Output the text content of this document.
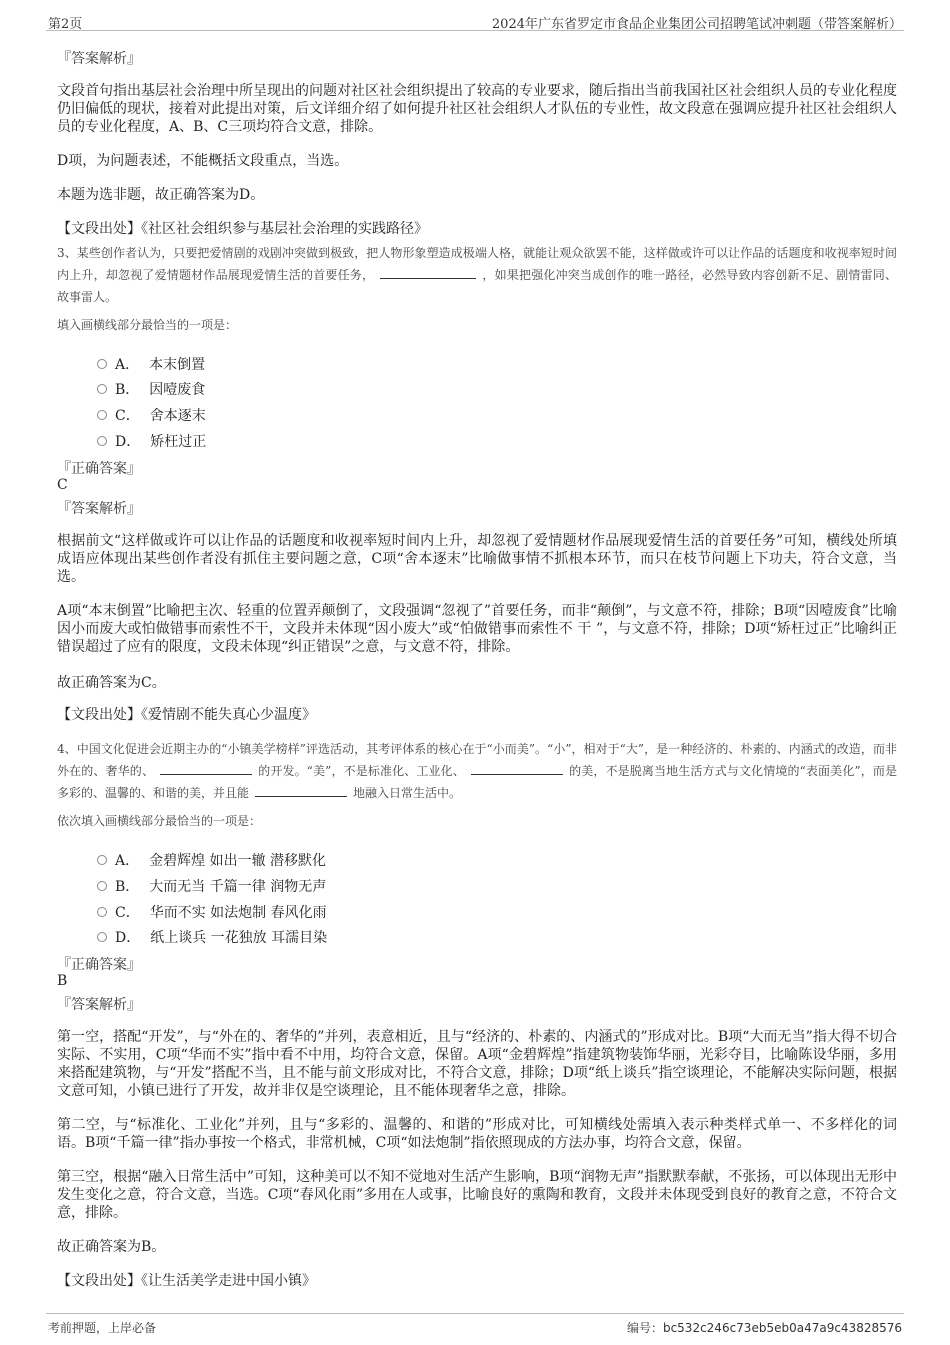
第2页	2024年广东省罗定市食品企业集团公司招聘笔试冲刺题（带答案解析）
『答案解析』
文段首句指出基层社会治理中所呈现出的问题对社区社会组织提出了较高的专业要求，随后指出当前我国社区社会组织人员的专业化程度仍旧偏低的现状，接着对此提出对策，后文详细介绍了如何提升社区社会组织人才队伍的专业性，故文段意在强调应提升社区社会组织人员的专业化程度，A、B、C三项均符合文意，排除。
D项，为问题表述，不能概括文段重点，当选。
本题为选非题，故正确答案为D。
【文段出处】《社区社会组织参与基层社会治理的实践路径》
3、某些创作者认为，只要把爱情剧的戏剧冲突做到极致，把人物形象塑造成极端人格，就能让观众欲罢不能，这样做或许可以让作品的话题度和收视率短时间内上升，却忽视了爱情题材作品展现爱情生活的首要任务，	，如果把强化冲突当成创作的唯一路径，必然导致内容创新不足、剧情雷同、故事雷人。
填入画横线部分最恰当的一项是：
A． 本末倒置
B． 因噎废食
C． 舍本逐末
D． 矫枉过正
『正确答案』
C
『答案解析』
根据前文“这样做或许可以让作品的话题度和收视率短时间内上升，却忽视了爱情题材作品展现爱情生活的首要任务”可知，横线处所填成语应体现出某些创作者没有抓住主要问题之意，C项“舍本逐末”比喻做事情不抓根本环节，而只在枝节问题上下功夫，符合文意，当选。
A项“本末倒置”比喻把主次、轻重的位置弄颠倒了，文段强调“忽视了”首要任务，而非“颠倒”，与文意不符，排除；B项“因噎废食”比喻因小而废大或怕做错事而索性不干，文段并未体现“因小废大”或“怕做错事而索性不 干 ”，与文意不符，排除；D项“矫枉过正”比喻纠正错误超过了应有的限度，文段未体现“纠正错误”之意，与文意不符，排除。
故正确答案为C。
【文段出处】《爱情剧不能失真心少温度》
4、中国文化促进会近期主办的“小镇美学榜样”评选活动，其考评体系的核心在于“小而美”。“小”，相对于“大”，是一种经济的、朴素的、内涵式的改造，而非外在的、奢华的、	的开发。“美”，不是标准化、工业化、	的美，不是脱离当地生活方式与文化情境的“表面美化”，而是多彩的、温馨的、和谐的美，并且能	地融入日常生活中。
依次填入画横线部分最恰当的一项是：
A． 金碧辉煌 如出一辙 潜移默化
B． 大而无当 千篇一律 润物无声
C． 华而不实 如法炮制 春风化雨
D． 纸上谈兵 一花独放 耳濡目染
『正确答案』
B
『答案解析』
第一空，搭配“开发”，与“外在的、奢华的”并列，表意相近，且与“经济的、朴素的、内涵式的”形成对比。B项“大而无当”指大得不切合实际、不实用，C项“华而不实”指中看不中用，均符合文意，保留。A项“金碧辉煌”指建筑物装饰华丽，光彩夺目，比喻陈设华丽，多用来搭配建筑物，与“开发”搭配不当，且不能与前文形成对比，不符合文意，排除；D项“纸上谈兵”指空谈理论，不能解决实际问题，根据文意可知，小镇已进行了开发，故并非仅是空谈理论，且不能体现奢华之意，排除。
第二空，与“标准化、工业化”并列，且与“多彩的、温馨的、和谐的”形成对比，可知横线处需填入表示种类样式单一、不多样化的词语。B项“千篇一律”指办事按一个格式，非常机械，C项“如法炮制”指依照现成的方法办事，均符合文意，保留。
第三空，根据“融入日常生活中”可知，这种美可以不知不觉地对生活产生影响，B项“润物无声”指默默奉献，不张扬，可以体现出无形中发生变化之意，符合文意，当选。C项“春风化雨”多用在人或事，比喻良好的熏陶和教育，文段并未体现受到良好的教育之意，不符合文意，排除。
故正确答案为B。
【文段出处】《让生活美学走进中国小镇》
考前押题，上岸必备	编号：bc532c246c73eb5eb0a47a9c43828576
